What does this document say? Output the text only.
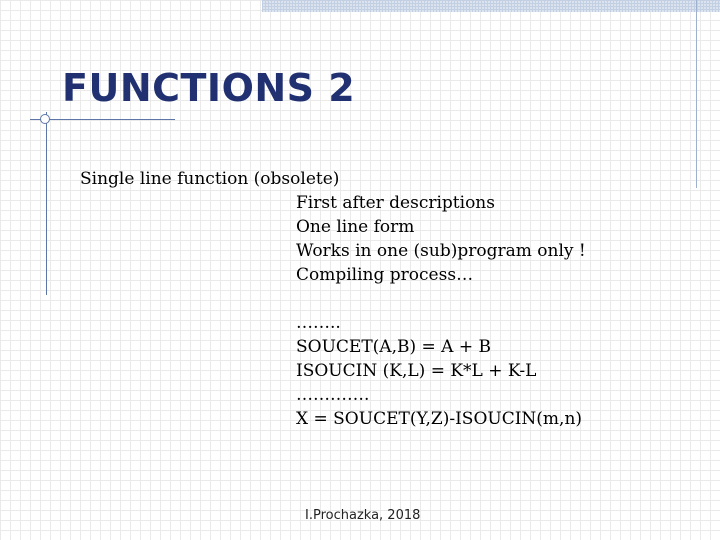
FUNCTIONS 2
Single line function (obsolete)
First after descriptions
One line form
Works in one (sub)program only !
Compiling process…
……..
SOUCET(A,B) = A + B
ISOUCIN (K,L) = K*L + K-L
………….
X = SOUCET(Y,Z)-ISOUCIN(m,n)
I.Prochazka, 2018
